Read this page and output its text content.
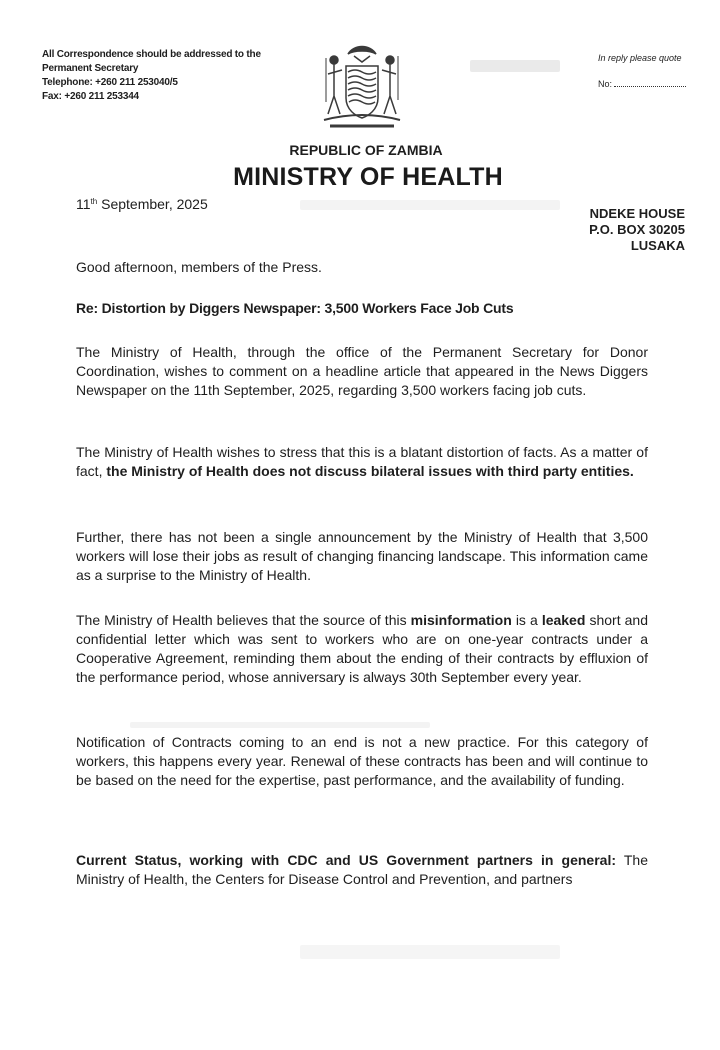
All Correspondence should be addressed to the
Permanent Secretary
Telephone: +260 211 253040/5
Fax: +260 211 253344
In reply please quote
No:
REPUBLIC OF ZAMBIA
MINISTRY OF HEALTH
11th September, 2025
NDEKE HOUSE
P.O. BOX 30205
LUSAKA
Good afternoon, members of the Press.
Re: Distortion by Diggers Newspaper: 3,500 Workers Face Job Cuts
The Ministry of Health, through the office of the Permanent Secretary for Donor Coordination, wishes to comment on a headline article that appeared in the News Diggers Newspaper on the 11th September, 2025, regarding 3,500 workers facing job cuts.
The Ministry of Health wishes to stress that this is a blatant distortion of facts. As a matter of fact, the Ministry of Health does not discuss bilateral issues with third party entities.
Further, there has not been a single announcement by the Ministry of Health that 3,500 workers will lose their jobs as result of changing financing landscape. This information came as a surprise to the Ministry of Health.
The Ministry of Health believes that the source of this misinformation is a leaked short and confidential letter which was sent to workers who are on one-year contracts under a Cooperative Agreement, reminding them about the ending of their contracts by effluxion of the performance period, whose anniversary is always 30th September every year.
Notification of Contracts coming to an end is not a new practice. For this category of workers, this happens every year. Renewal of these contracts has been and will continue to be based on the need for the expertise, past performance, and the availability of funding.
Current Status, working with CDC and US Government partners in general: The Ministry of Health, the Centers for Disease Control and Prevention, and partners
